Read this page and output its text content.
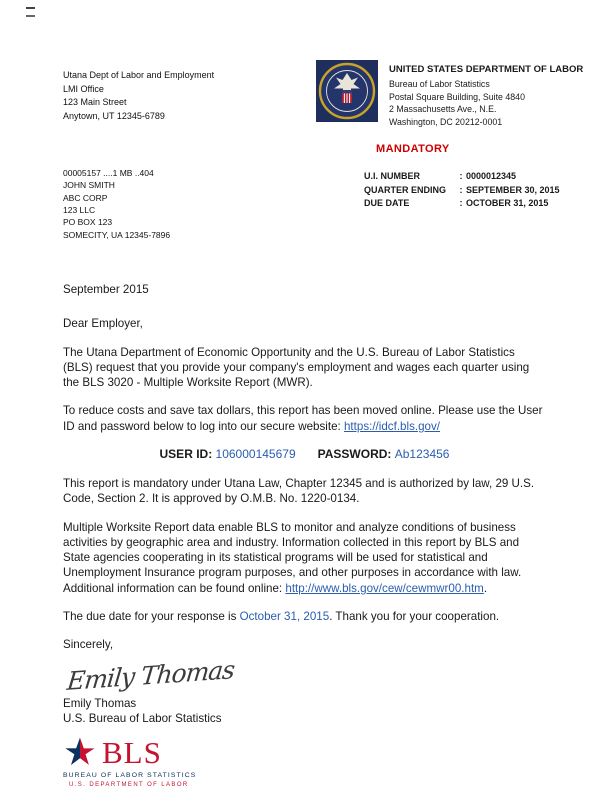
Utana Dept of Labor and Employment
LMI Office
123 Main Street
Anytown, UT 12345-6789
UNITED STATES DEPARTMENT OF LABOR
Bureau of Labor Statistics
Postal Square Building, Suite 4840
2 Massachusetts Ave., N.E.
Washington, DC 20212-0001
MANDATORY
00005157 ....1 MB ..404
JOHN SMITH
ABC CORP
123 LLC
PO BOX 123
SOMECITY, UA 12345-7896
U.I. NUMBER	: 0000012345
QUARTER ENDING	: SEPTEMBER 30, 2015
DUE DATE	: OCTOBER 31, 2015

September 2015

Dear Employer,

The Utana Department of Economic Opportunity and the U.S. Bureau of Labor Statistics (BLS) request that you provide your company's employment and wages each quarter using the BLS 3020 - Multiple Worksite Report (MWR).

To reduce costs and save tax dollars, this report has been moved online. Please use the User ID and password below to log into our secure website: https://idcf.bls.gov/

USER ID: 106000145679 PASSWORD: Ab123456

This report is mandatory under Utana Law, Chapter 12345 and is authorized by law, 29 U.S. Code, Section 2. It is approved by O.M.B. No. 1220-0134.

Multiple Worksite Report data enable BLS to monitor and analyze conditions of business activities by geographic area and industry. Information collected in this report by BLS and State agencies cooperating in its statistical programs will be used for statistical and Unemployment Insurance program purposes, and other purposes in accordance with law. Additional information can be found online: http://www.bls.gov/cew/cewmwr00.htm.

The due date for your response is October 31, 2015. Thank you for your cooperation.

Sincerely,

Emily Thomas
Emily Thomas
U.S. Bureau of Labor Statistics
BLS
BUREAU OF LABOR STATISTICS
U.S. DEPARTMENT OF LABOR
